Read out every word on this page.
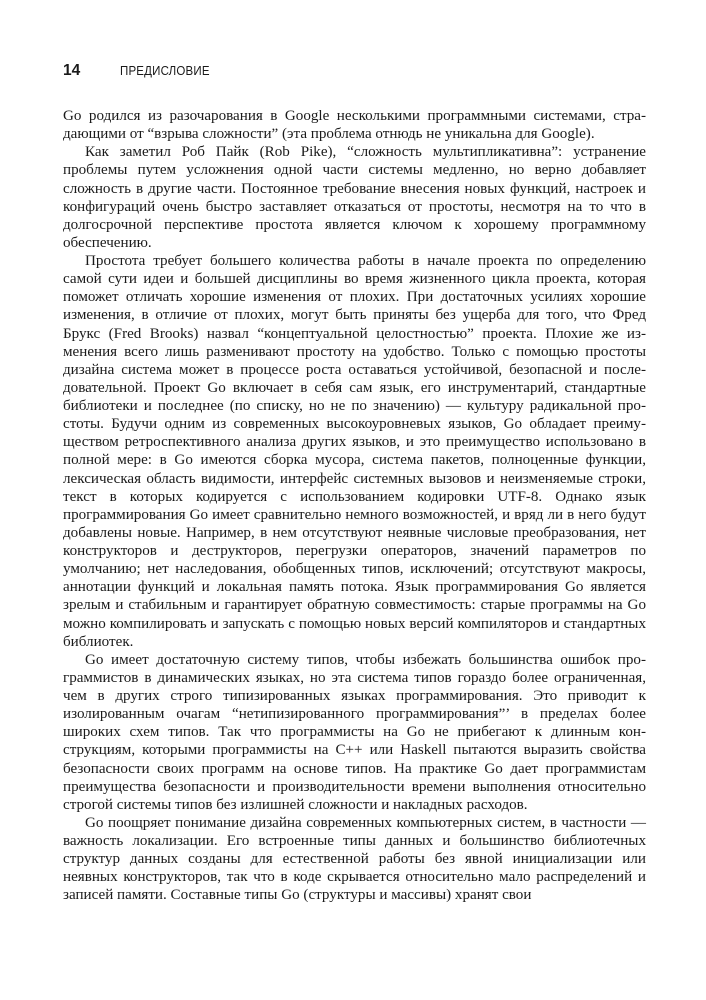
14	ПРЕДИСЛОВИЕ

Go родился из разочарования в Google несколькими программными системами, страдающими от “взрыва сложности” (эта проблема отнюдь не уникальна для Google).

Как заметил Роб Пайк (Rob Pike), “сложность мультипликативна”: устранение проблемы путем усложнения одной части системы медленно, но верно добавляет сложность в другие части. Постоянное требование внесения новых функций, настроек и конфигураций очень быстро заставляет отказаться от простоты, несмотря на то что в долгосрочной перспективе простота является ключом к хорошему программному обеспечению.

Простота требует большего количества работы в начале проекта по определению самой сути идеи и большей дисциплины во время жизненного цикла проекта, которая поможет отличать хорошие изменения от плохих. При достаточных усилиях хорошие изменения, в отличие от плохих, могут быть приняты без ущерба для того, что Фред Брукс (Fred Brooks) назвал “концептуальной целостностью” проекта. Плохие же изменения всего лишь разменивают простоту на удобство. Только с помощью простоты дизайна система может в процессе роста оставаться устойчивой, безопасной и последовательной. Проект Go включает в себя сам язык, его инструментарий, стандартные библиотеки и последнее (по списку, но не по значению) — культуру радикальной простоты. Будучи одним из современных высокоуровневых языков, Go обладает преимуществом ретроспективного анализа других языков, и это преимущество использовано в полной мере: в Go имеются сборка мусора, система пакетов, полноценные функции, лексическая область видимости, интерфейс системных вызовов и неизменяемые строки, текст в которых кодируется с использованием кодировки UTF-8. Однако язык программирования Go имеет сравнительно немного возможностей, и вряд ли в него будут добавлены новые. Например, в нем отсутствуют неявные числовые преобразования, нет конструкторов и деструкторов, перегрузки операторов, значений параметров по умолчанию; нет наследования, обобщенных типов, исключений; отсутствуют макросы, аннотации функций и локальная память потока. Язык программирования Go является зрелым и стабильным и гарантирует обратную совместимость: старые программы на Go можно компилировать и запускать с помощью новых версий компиляторов и стандартных библиотек.

Go имеет достаточную систему типов, чтобы избежать большинства ошибок программистов в динамических языках, но эта система типов гораздо более ограниченная, чем в других строго типизированных языках программирования. Это приводит к изолированным очагам “нетипизированного программирования”’ в пределах более широких схем типов. Так что программисты на Go не прибегают к длинным конструкциям, которыми программисты на C++ или Haskell пытаются выразить свойства безопасности своих программ на основе типов. На практике Go дает программистам преимущества безопасности и производительности времени выполнения относительно строгой системы типов без излишней сложности и накладных расходов.

Go поощряет понимание дизайна современных компьютерных систем, в частности — важность локализации. Его встроенные типы данных и большинство библиотечных структур данных созданы для естественной работы без явной инициализации или неявных конструкторов, так что в коде скрывается относительно мало распределений и записей памяти. Составные типы Go (структуры и массивы) хранят свои
